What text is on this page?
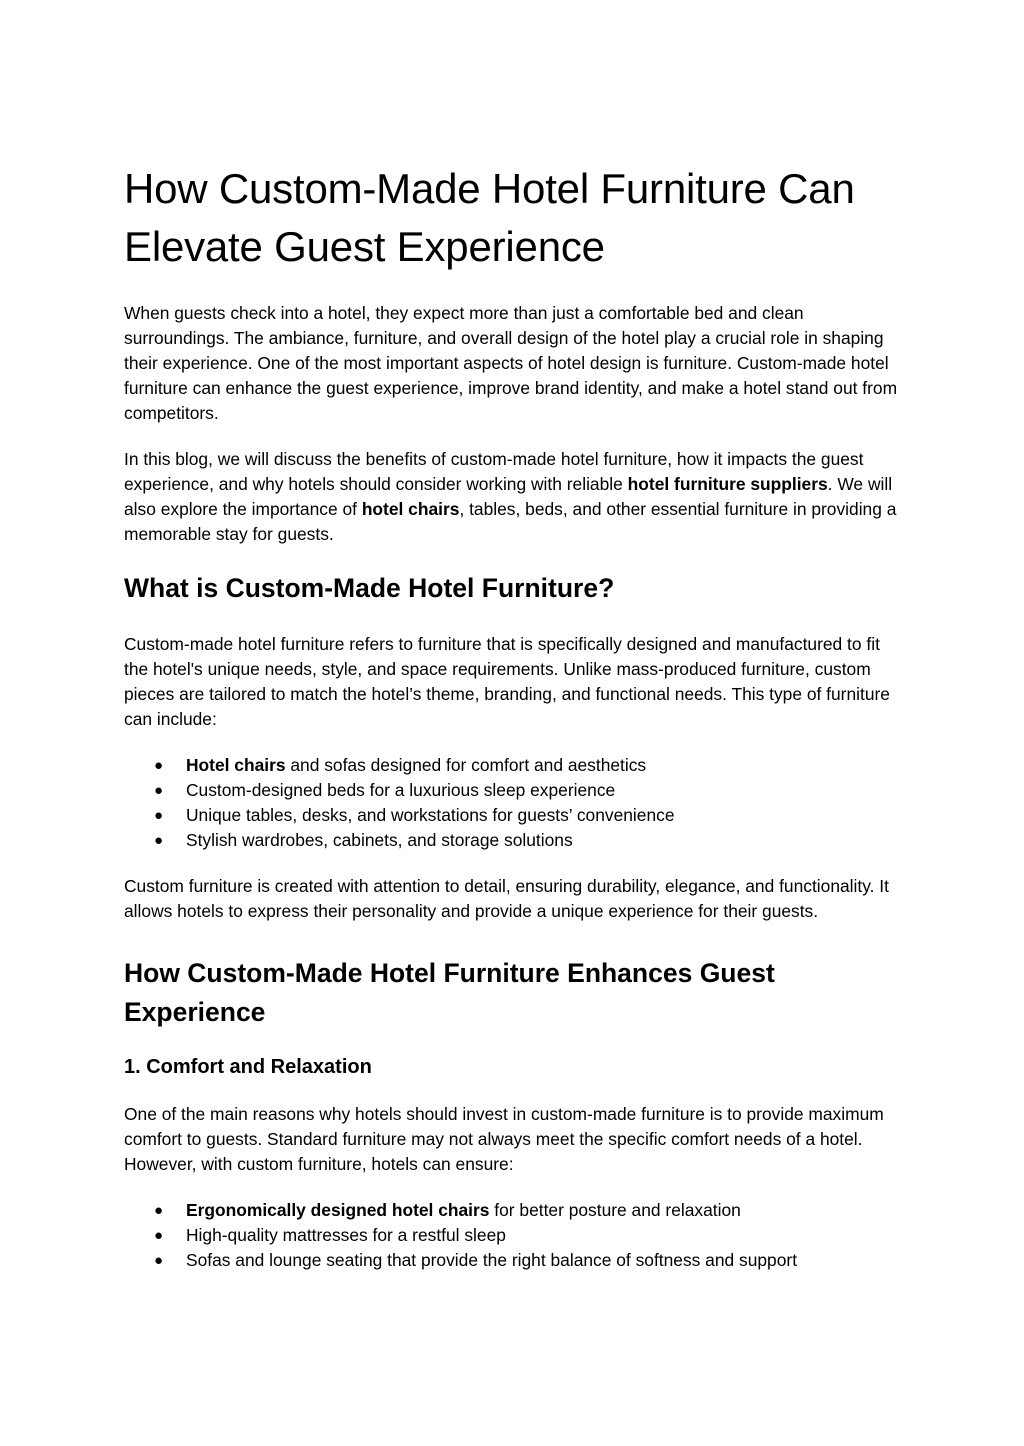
How Custom-Made Hotel Furniture Can Elevate Guest Experience

When guests check into a hotel, they expect more than just a comfortable bed and clean surroundings. The ambiance, furniture, and overall design of the hotel play a crucial role in shaping their experience. One of the most important aspects of hotel design is furniture. Custom-made hotel furniture can enhance the guest experience, improve brand identity, and make a hotel stand out from competitors.

In this blog, we will discuss the benefits of custom-made hotel furniture, how it impacts the guest experience, and why hotels should consider working with reliable hotel furniture suppliers. We will also explore the importance of hotel chairs, tables, beds, and other essential furniture in providing a memorable stay for guests.

What is Custom-Made Hotel Furniture?

Custom-made hotel furniture refers to furniture that is specifically designed and manufactured to fit the hotel's unique needs, style, and space requirements. Unlike mass-produced furniture, custom pieces are tailored to match the hotel’s theme, branding, and functional needs. This type of furniture can include:

● Hotel chairs and sofas designed for comfort and aesthetics
● Custom-designed beds for a luxurious sleep experience
● Unique tables, desks, and workstations for guests’ convenience
● Stylish wardrobes, cabinets, and storage solutions

Custom furniture is created with attention to detail, ensuring durability, elegance, and functionality. It allows hotels to express their personality and provide a unique experience for their guests.

How Custom-Made Hotel Furniture Enhances Guest Experience
1. Comfort and Relaxation

One of the main reasons why hotels should invest in custom-made furniture is to provide maximum comfort to guests. Standard furniture may not always meet the specific comfort needs of a hotel. However, with custom furniture, hotels can ensure:

● Ergonomically designed hotel chairs for better posture and relaxation
● High-quality mattresses for a restful sleep
● Sofas and lounge seating that provide the right balance of softness and support
